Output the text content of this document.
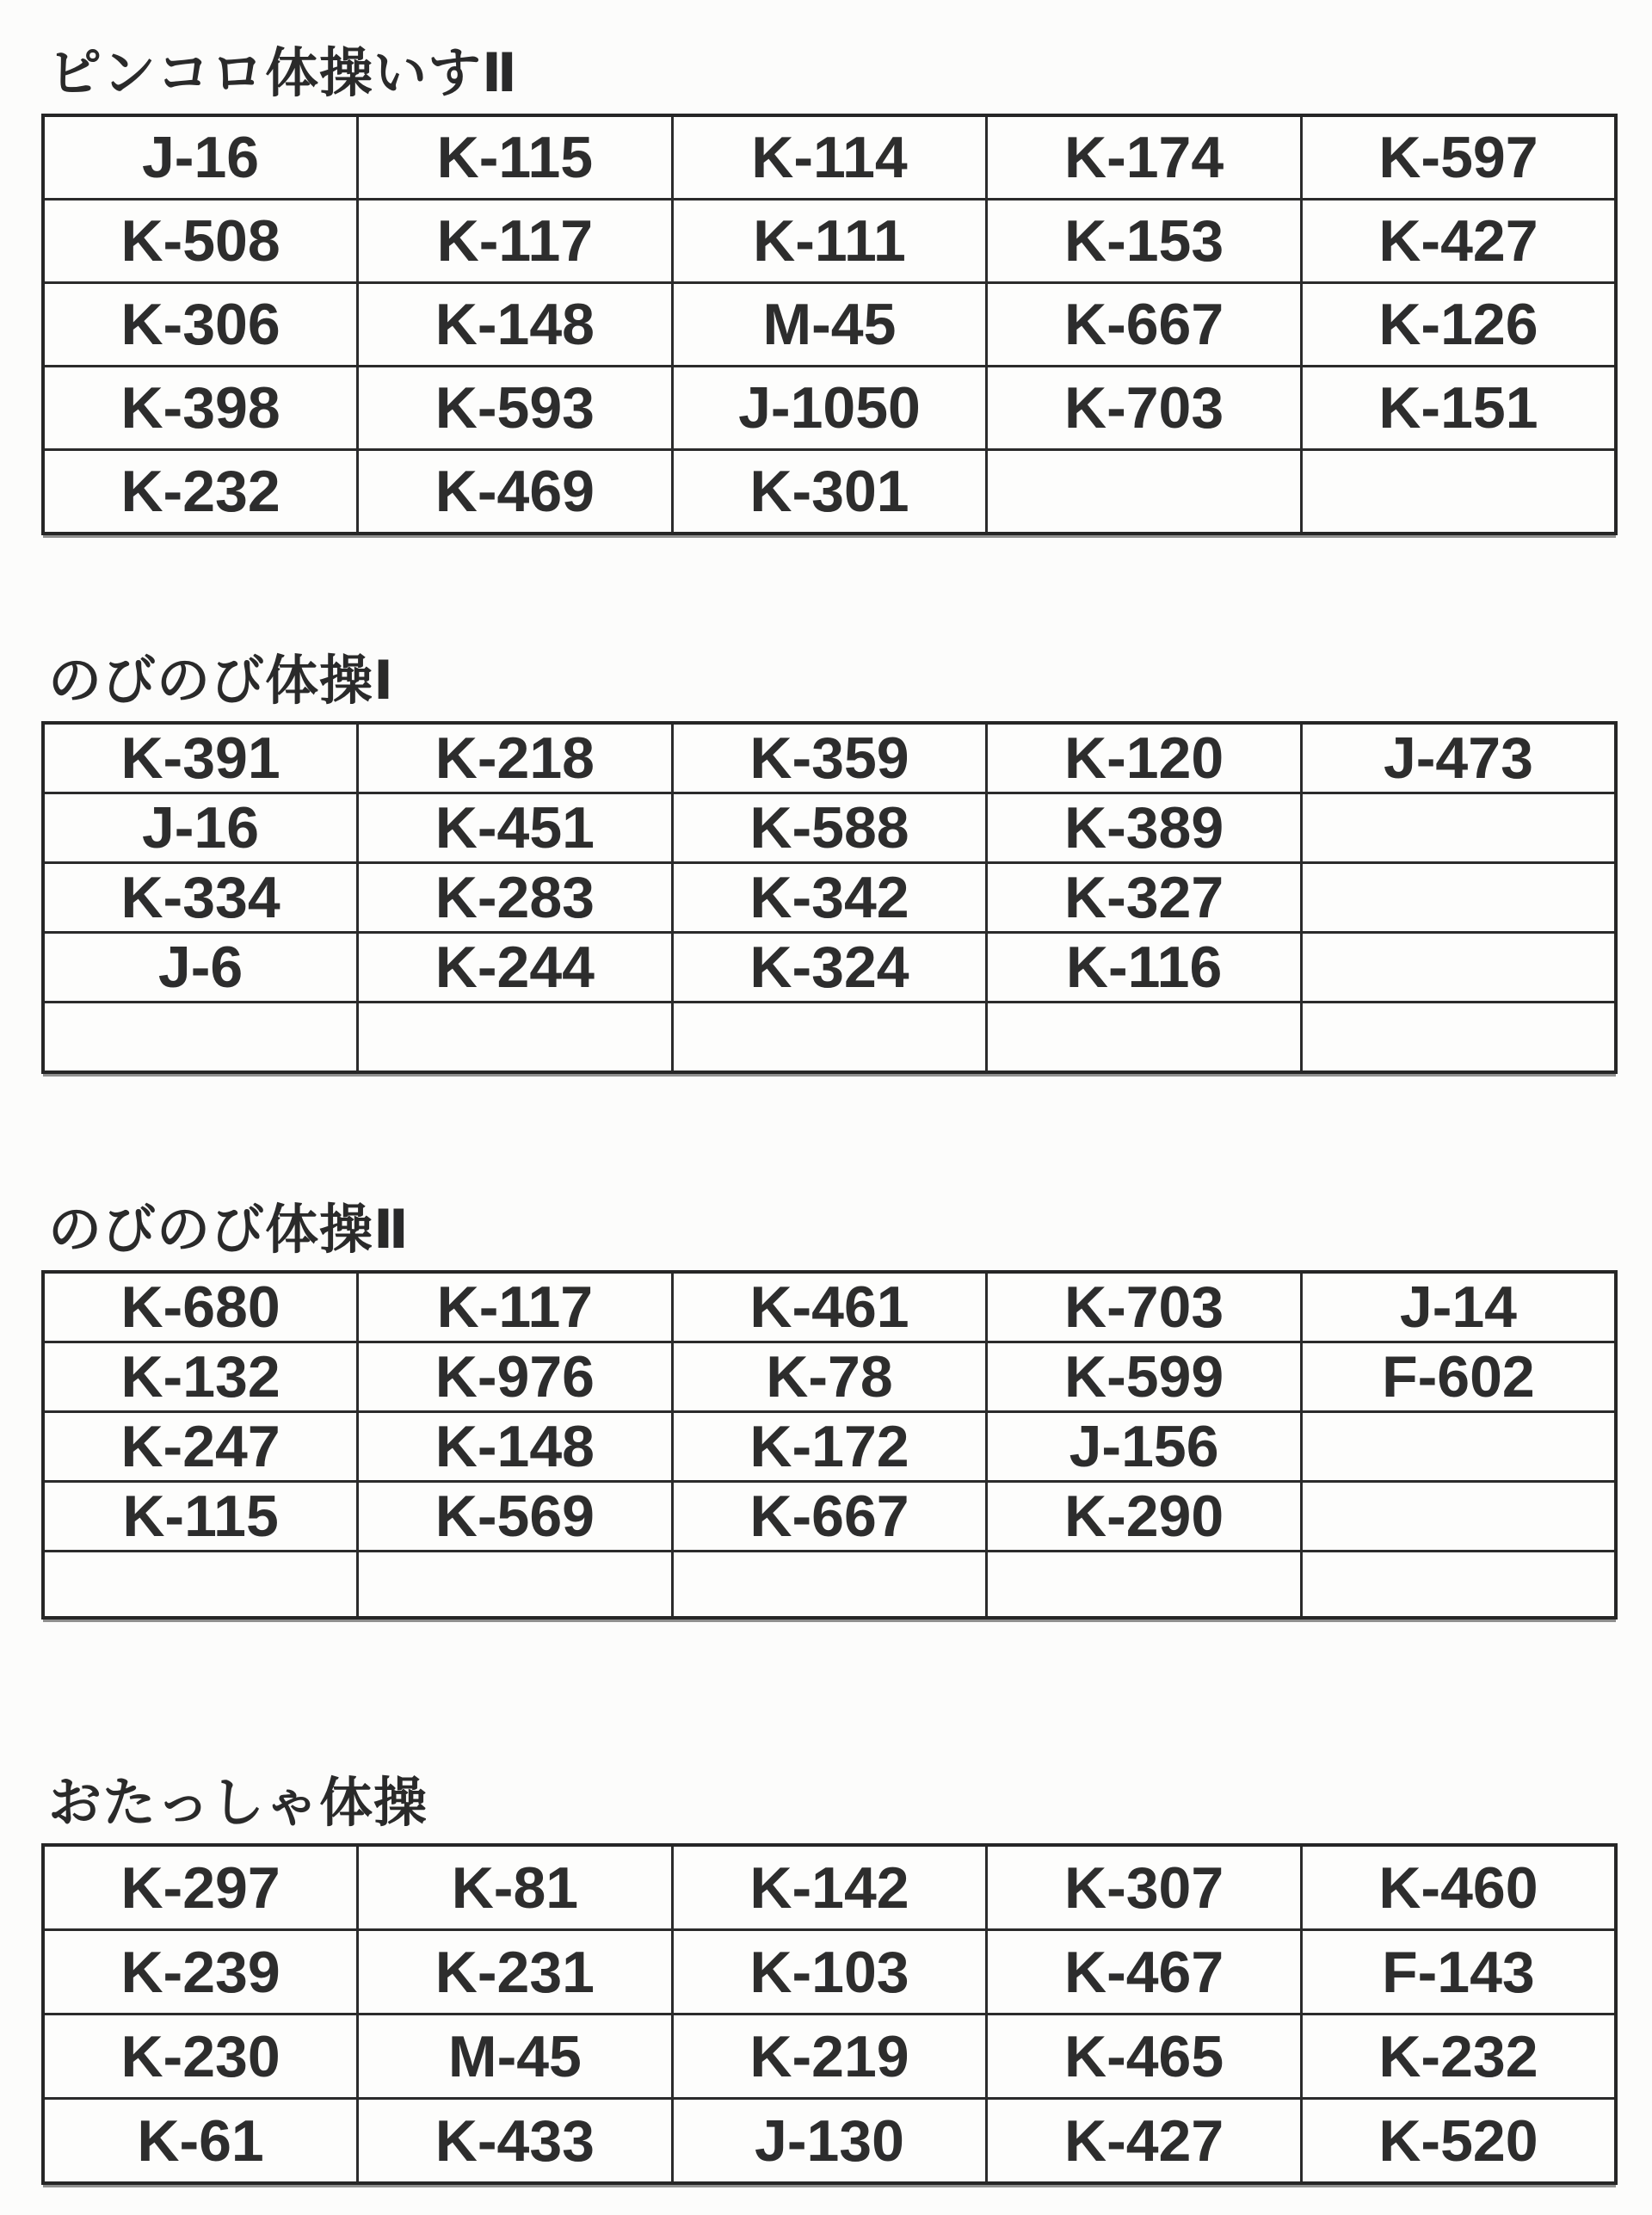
ピンコロ体操いすⅡ
J-16	K-115	K-114	K-174	K-597
K-508	K-117	K-111	K-153	K-427
K-306	K-148	M-45	K-667	K-126
K-398	K-593	J-1050	K-703	K-151
K-232	K-469	K-301		
のびのび体操Ⅰ
K-391	K-218	K-359	K-120	J-473
J-16	K-451	K-588	K-389	
K-334	K-283	K-342	K-327	
J-6	K-244	K-324	K-116	

のびのび体操Ⅱ
K-680	K-117	K-461	K-703	J-14
K-132	K-976	K-78	K-599	F-602
K-247	K-148	K-172	J-156	
K-115	K-569	K-667	K-290	

おたっしゃ体操
K-297	K-81	K-142	K-307	K-460
K-239	K-231	K-103	K-467	F-143
K-230	M-45	K-219	K-465	K-232
K-61	K-433	J-130	K-427	K-520
